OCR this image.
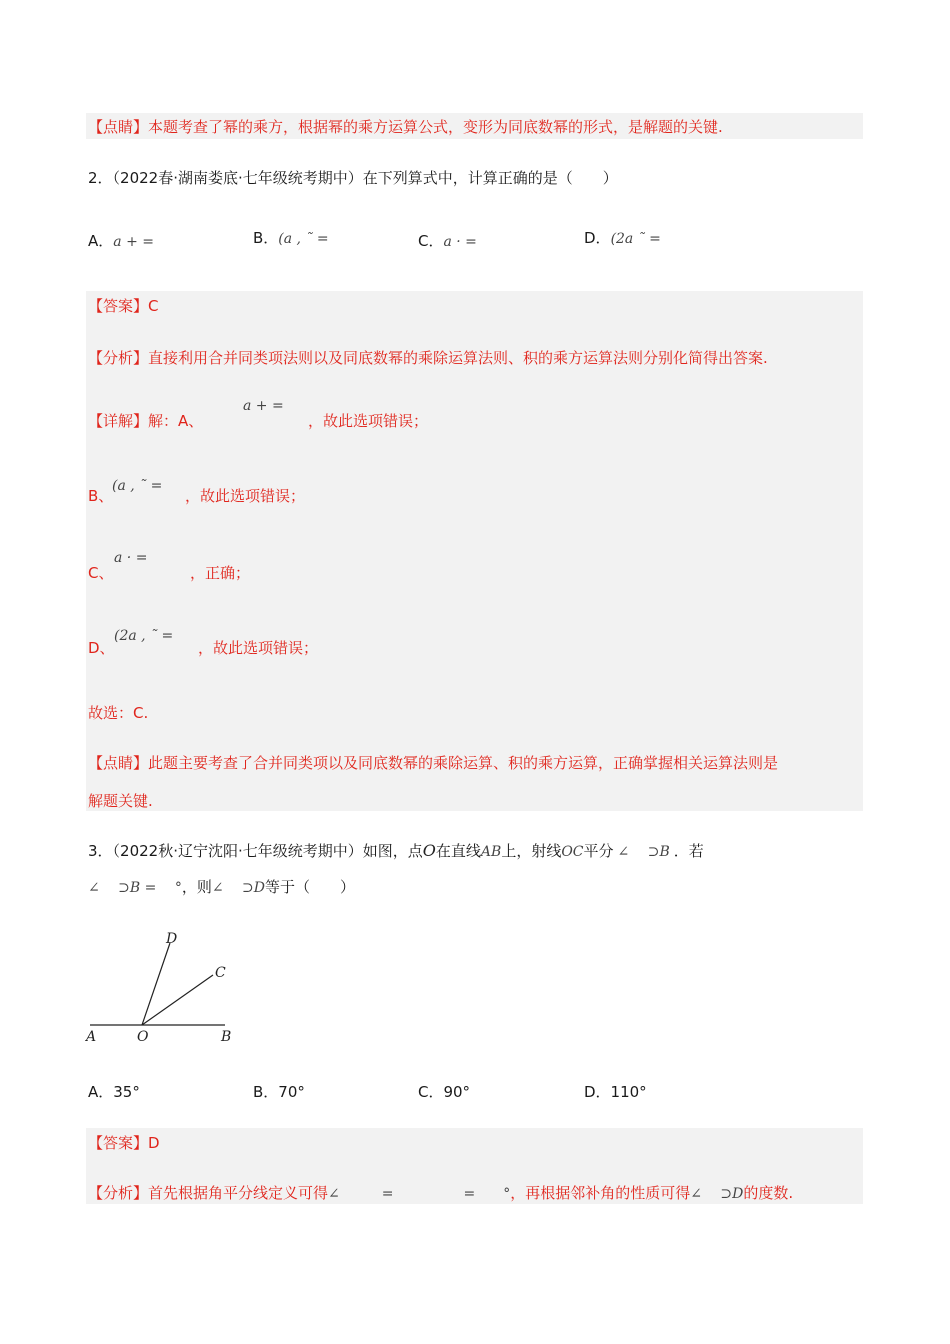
【点睛】本题考查了幂的乘方，根据幂的乘方运算公式，变形为同底数幂的形式，是解题的关键.
2．（2022春·湖南娄底·七年级统考期中）在下列算式中，计算正确的是（　　）
A．a + =	B．(a , ˜ =	C．a · =	D．(2a ˜ =
【答案】C
【分析】直接利用合并同类项法则以及同底数幂的乘除运算法则、积的乘方运算法则分别化简得出答案.
【详解】解：A、
a + =
，故此选项错误；
B、
(a , ˜ =
，故此选项错误；
C、
a · =
，正确；
D、
(2a , ˜ =
，故此选项错误；
故选：C.
【点睛】此题主要考查了合并同类项以及同底数幂的乘除运算、积的乘方运算，正确掌握相关运算法则是
解题关键.
3．（2022秋·辽宁沈阳·七年级统考期中）如图，点O在直线AB上，射线OC平分 ∠　 ⊃B ．若
∠　 ⊃B = 　°，则∠　 ⊃D等于（　　）
D
C
A	O	B
A．35°	B．70°	C．90°	D．110°
【答案】D
【分析】首先根据角平分线定义可得∠　　　=　　　　　=　　°，再根据邻补角的性质可得∠　 ⊃D的度数.
